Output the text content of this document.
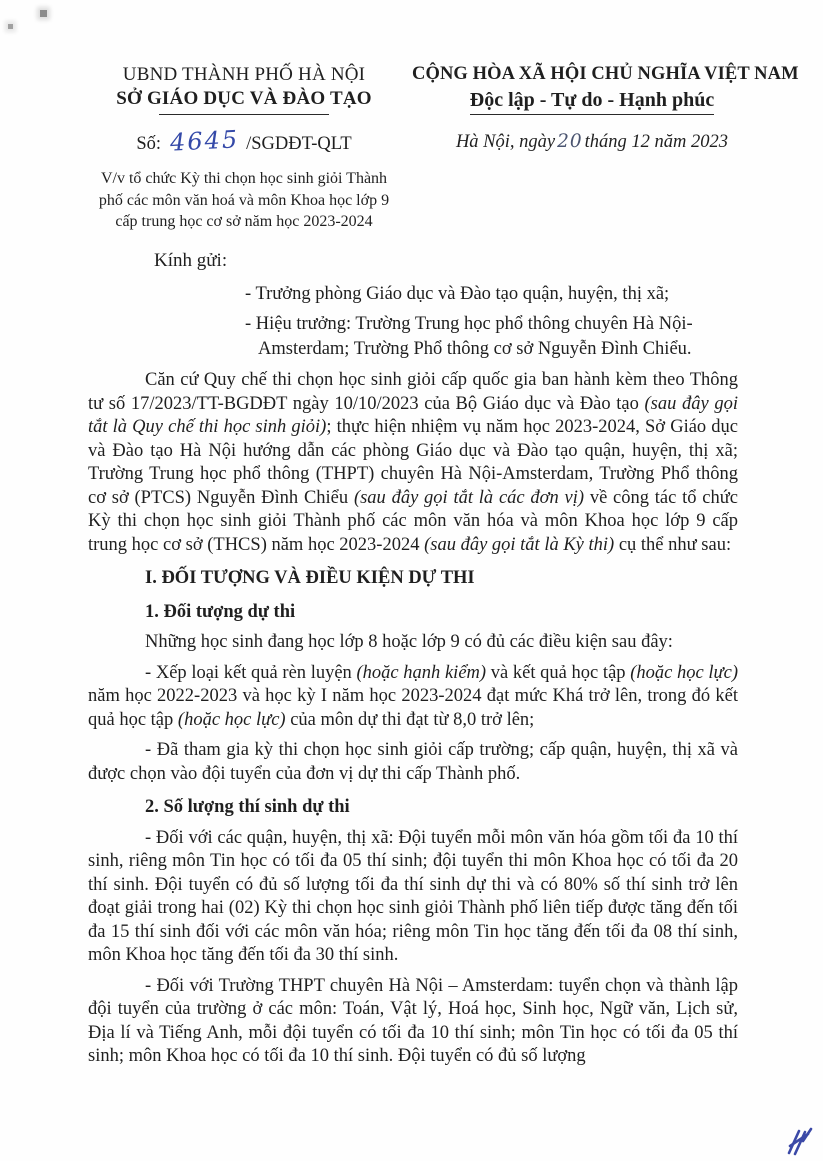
UBND THÀNH PHỐ HÀ NỘI
SỞ GIÁO DỤC VÀ ĐÀO TẠO
Số: 4645 /SGDĐT-QLT
V/v tổ chức Kỳ thi chọn học sinh giỏi Thành phố các môn văn hoá và môn Khoa học lớp 9 cấp trung học cơ sở năm học 2023-2024
CỘNG HÒA XÃ HỘI CHỦ NGHĨA VIỆT NAM
Độc lập - Tự do - Hạnh phúc
Hà Nội, ngày 20 tháng 12 năm 2023
Kính gửi:
- Trưởng phòng Giáo dục và Đào tạo quận, huyện, thị xã;
- Hiệu trưởng: Trường Trung học phổ thông chuyên Hà Nội-Amsterdam; Trường Phổ thông cơ sở Nguyễn Đình Chiểu.

Căn cứ Quy chế thi chọn học sinh giỏi cấp quốc gia ban hành kèm theo Thông tư số 17/2023/TT-BGDĐT ngày 10/10/2023 của Bộ Giáo dục và Đào tạo (sau đây gọi tắt là Quy chế thi học sinh giỏi); thực hiện nhiệm vụ năm học 2023-2024, Sở Giáo dục và Đào tạo Hà Nội hướng dẫn các phòng Giáo dục và Đào tạo quận, huyện, thị xã; Trường Trung học phổ thông (THPT) chuyên Hà Nội-Amsterdam, Trường Phổ thông cơ sở (PTCS) Nguyễn Đình Chiểu (sau đây gọi tắt là các đơn vị) về công tác tổ chức Kỳ thi chọn học sinh giỏi Thành phố các môn văn hóa và môn Khoa học lớp 9 cấp trung học cơ sở (THCS) năm học 2023-2024 (sau đây gọi tắt là Kỳ thi) cụ thể như sau:

I. ĐỐI TƯỢNG VÀ ĐIỀU KIỆN DỰ THI

1. Đối tượng dự thi

Những học sinh đang học lớp 8 hoặc lớp 9 có đủ các điều kiện sau đây:

- Xếp loại kết quả rèn luyện (hoặc hạnh kiểm) và kết quả học tập (hoặc học lực) năm học 2022-2023 và học kỳ I năm học 2023-2024 đạt mức Khá trở lên, trong đó kết quả học tập (hoặc học lực) của môn dự thi đạt từ 8,0 trở lên;

- Đã tham gia kỳ thi chọn học sinh giỏi cấp trường; cấp quận, huyện, thị xã và được chọn vào đội tuyển của đơn vị dự thi cấp Thành phố.

2. Số lượng thí sinh dự thi

- Đối với các quận, huyện, thị xã: Đội tuyển mỗi môn văn hóa gồm tối đa 10 thí sinh, riêng môn Tin học có tối đa 05 thí sinh; đội tuyển thi môn Khoa học có tối đa 20 thí sinh. Đội tuyển có đủ số lượng tối đa thí sinh dự thi và có 80% số thí sinh trở lên đoạt giải trong hai (02) Kỳ thi chọn học sinh giỏi Thành phố liên tiếp được tăng đến tối đa 15 thí sinh đối với các môn văn hóa; riêng môn Tin học tăng đến tối đa 08 thí sinh, môn Khoa học tăng đến tối đa 30 thí sinh.

- Đối với Trường THPT chuyên Hà Nội – Amsterdam: tuyển chọn và thành lập đội tuyển của trường ở các môn: Toán, Vật lý, Hoá học, Sinh học, Ngữ văn, Lịch sử, Địa lí và Tiếng Anh, mỗi đội tuyển có tối đa 10 thí sinh; môn Tin học có tối đa 05 thí sinh; môn Khoa học có tối đa 10 thí sinh. Đội tuyển có đủ số lượng
